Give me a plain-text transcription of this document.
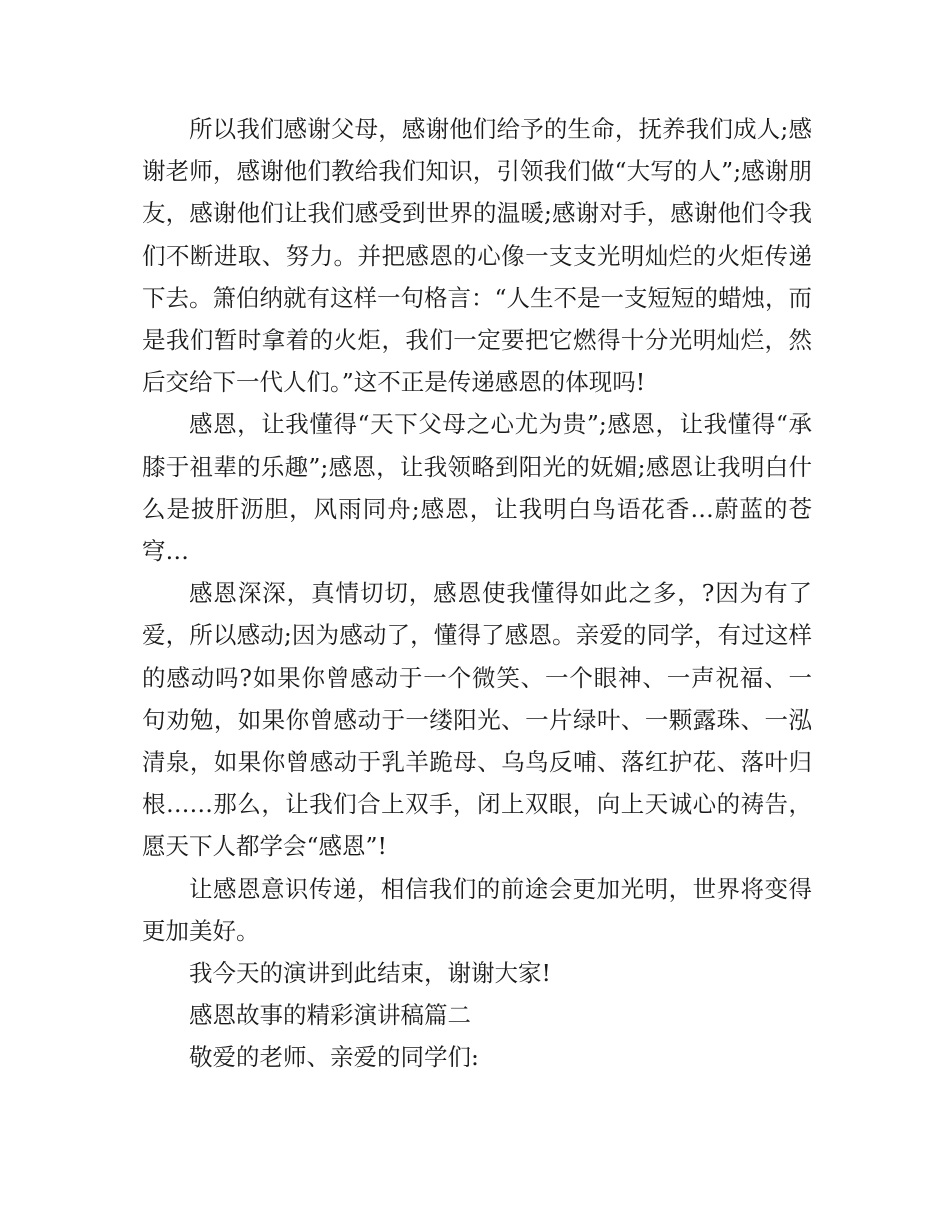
所以我们感谢父母，感谢他们给予的生命，抚养我们成人;感谢老师，感谢他们教给我们知识，引领我们做“大写的人”;感谢朋友，感谢他们让我们感受到世界的温暖;感谢对手，感谢他们令我们不断进取、努力。并把感恩的心像一支支光明灿烂的火炬传递下去。箫伯纳就有这样一句格言：“人生不是一支短短的蜡烛，而是我们暂时拿着的火炬，我们一定要把它燃得十分光明灿烂，然后交给下一代人们。”这不正是传递感恩的体现吗!

感恩，让我懂得“天下父母之心尤为贵”;感恩，让我懂得“承膝于祖辈的乐趣”;感恩，让我领略到阳光的妩媚;感恩让我明白什么是披肝沥胆，风雨同舟;感恩，让我明白鸟语花香…蔚蓝的苍穹…

感恩深深，真情切切，感恩使我懂得如此之多，?因为有了爱，所以感动;因为感动了，懂得了感恩。亲爱的同学，有过这样的感动吗?如果你曾感动于一个微笑、一个眼神、一声祝福、一句劝勉，如果你曾感动于一缕阳光、一片绿叶、一颗露珠、一泓清泉，如果你曾感动于乳羊跪母、乌鸟反哺、落红护花、落叶归根……那么，让我们合上双手，闭上双眼，向上天诚心的祷告，愿天下人都学会“感恩”!

让感恩意识传递，相信我们的前途会更加光明，世界将变得更加美好。

我今天的演讲到此结束，谢谢大家!

感恩故事的精彩演讲稿篇二

敬爱的老师、亲爱的同学们:
